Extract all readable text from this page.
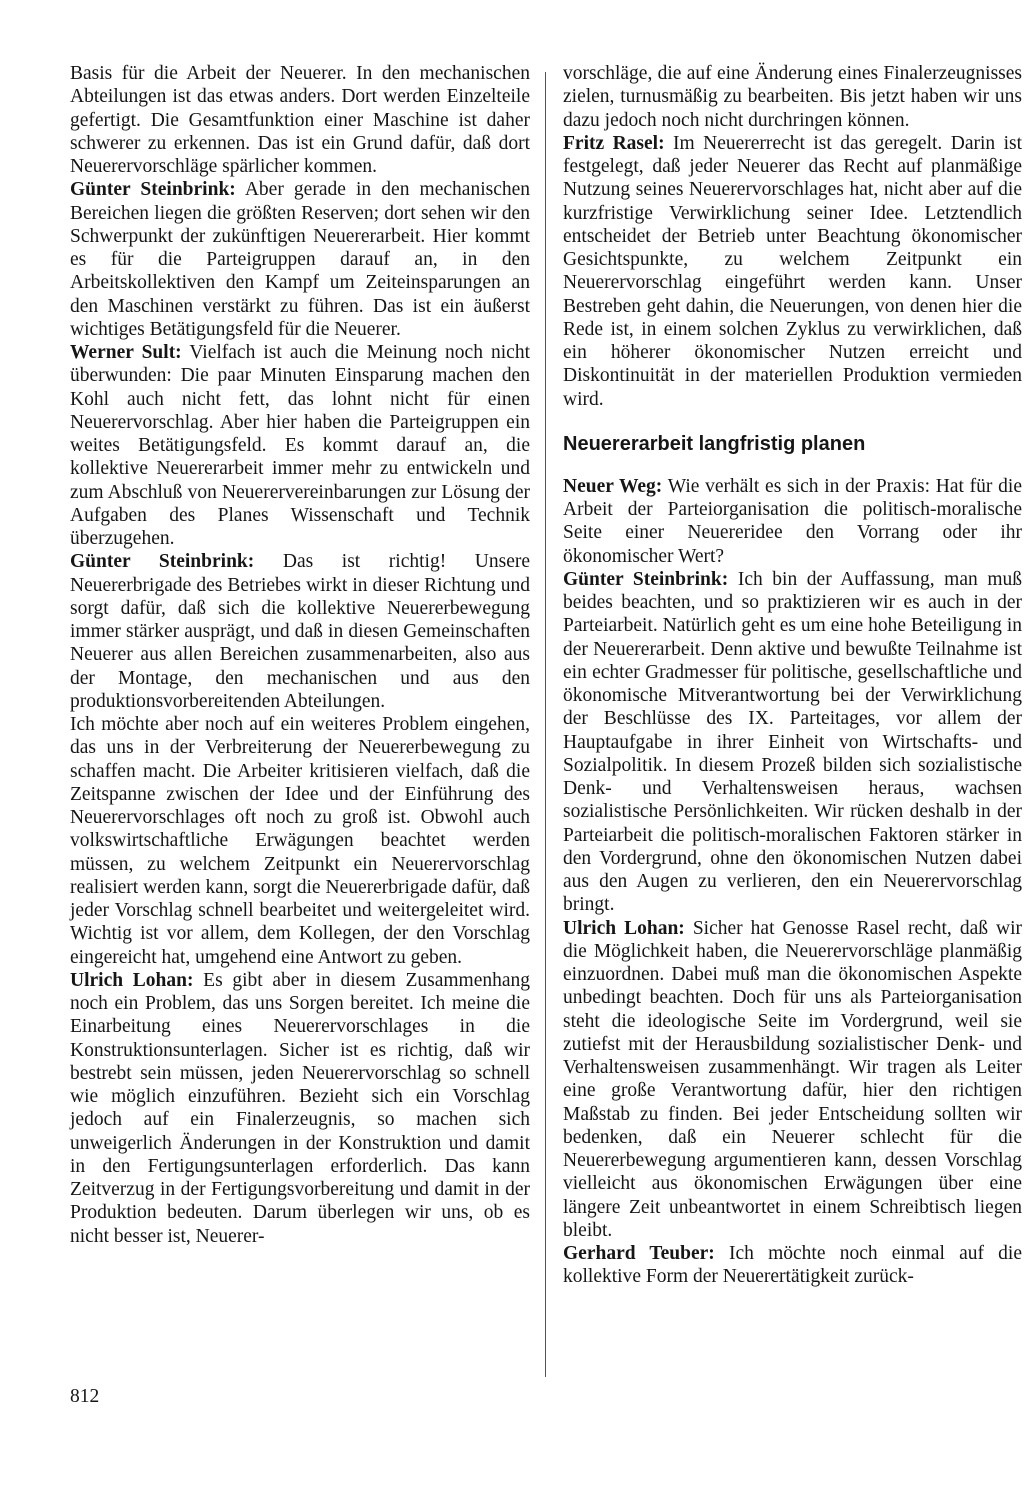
Basis für die Arbeit der Neuerer. In den mechanischen Abteilungen ist das etwas anders. Dort werden Einzelteile gefertigt. Die Gesamtfunktion einer Maschine ist daher schwerer zu erkennen. Das ist ein Grund dafür, daß dort Neuerervorschläge spärlicher kommen.

Günter Steinbrink: Aber gerade in den mechanischen Bereichen liegen die größten Reserven; dort sehen wir den Schwerpunkt der zukünftigen Neuererarbeit. Hier kommt es für die Parteigruppen darauf an, in den Arbeitskollektiven den Kampf um Zeiteinsparungen an den Maschinen verstärkt zu führen. Das ist ein äußerst wichtiges Betätigungsfeld für die Neuerer.

Werner Sult: Vielfach ist auch die Meinung noch nicht überwunden: Die paar Minuten Einsparung machen den Kohl auch nicht fett, das lohnt nicht für einen Neuerervorschlag. Aber hier haben die Parteigruppen ein weites Betätigungsfeld. Es kommt darauf an, die kollektive Neuererarbeit immer mehr zu entwickeln und zum Abschluß von Neuerervereinbarungen zur Lösung der Aufgaben des Planes Wissenschaft und Technik überzugehen.

Günter Steinbrink: Das ist richtig! Unsere Neuererbrigade des Betriebes wirkt in dieser Richtung und sorgt dafür, daß sich die kollektive Neuererbewegung immer stärker ausprägt, und daß in diesen Gemeinschaften Neuerer aus allen Bereichen zusammenarbeiten, also aus der Montage, den mechanischen und aus den produktionsvorbereitenden Abteilungen.

Ich möchte aber noch auf ein weiteres Problem eingehen, das uns in der Verbreiterung der Neuererbewegung zu schaffen macht. Die Arbeiter kritisieren vielfach, daß die Zeitspanne zwischen der Idee und der Einführung des Neuerervorschlages oft noch zu groß ist. Obwohl auch volkswirtschaftliche Erwägungen beachtet werden müssen, zu welchem Zeitpunkt ein Neuerervorschlag realisiert werden kann, sorgt die Neuererbrigade dafür, daß jeder Vorschlag schnell bearbeitet und weitergeleitet wird. Wichtig ist vor allem, dem Kollegen, der den Vorschlag eingereicht hat, umgehend eine Antwort zu geben.

Ulrich Lohan: Es gibt aber in diesem Zusammenhang noch ein Problem, das uns Sorgen bereitet. Ich meine die Einarbeitung eines Neuerervorschlages in die Konstruktionsunterlagen. Sicher ist es richtig, daß wir bestrebt sein müssen, jeden Neuerervorschlag so schnell wie möglich einzuführen. Bezieht sich ein Vorschlag jedoch auf ein Finalerzeugnis, so machen sich unweigerlich Änderungen in der Konstruktion und damit in den Fertigungsunterlagen erforderlich. Das kann Zeitverzug in der Fertigungsvorbereitung und damit in der Produktion bedeuten. Darum überlegen wir uns, ob es nicht besser ist, Neuerer-

vorschläge, die auf eine Änderung eines Finalerzeugnisses zielen, turnusmäßig zu bearbeiten. Bis jetzt haben wir uns dazu jedoch noch nicht durchringen können.

Fritz Rasel: Im Neuererrecht ist das geregelt. Darin ist festgelegt, daß jeder Neuerer das Recht auf planmäßige Nutzung seines Neuerervorschlages hat, nicht aber auf die kurzfristige Verwirklichung seiner Idee. Letztendlich entscheidet der Betrieb unter Beachtung ökonomischer Gesichtspunkte, zu welchem Zeitpunkt ein Neuerervorschlag eingeführt werden kann. Unser Bestreben geht dahin, die Neuerungen, von denen hier die Rede ist, in einem solchen Zyklus zu verwirklichen, daß ein höherer ökonomischer Nutzen erreicht und Diskontinuität in der materiellen Produktion vermieden wird.

Neuererarbeit langfristig planen

Neuer Weg: Wie verhält es sich in der Praxis: Hat für die Arbeit der Parteiorganisation die politisch-moralische Seite einer Neuereridee den Vorrang oder ihr ökonomischer Wert?

Günter Steinbrink: Ich bin der Auffassung, man muß beides beachten, und so praktizieren wir es auch in der Parteiarbeit. Natürlich geht es um eine hohe Beteiligung in der Neuererarbeit. Denn aktive und bewußte Teilnahme ist ein echter Gradmesser für politische, gesellschaftliche und ökonomische Mitverantwortung bei der Verwirklichung der Beschlüsse des IX. Parteitages, vor allem der Hauptaufgabe in ihrer Einheit von Wirtschafts- und Sozialpolitik. In diesem Prozeß bilden sich sozialistische Denk- und Verhaltensweisen heraus, wachsen sozialistische Persönlichkeiten. Wir rücken deshalb in der Parteiarbeit die politisch-moralischen Faktoren stärker in den Vordergrund, ohne den ökonomischen Nutzen dabei aus den Augen zu verlieren, den ein Neuerervorschlag bringt.

Ulrich Lohan: Sicher hat Genosse Rasel recht, daß wir die Möglichkeit haben, die Neuerervorschläge planmäßig einzuordnen. Dabei muß man die ökonomischen Aspekte unbedingt beachten. Doch für uns als Parteiorganisation steht die ideologische Seite im Vordergrund, weil sie zutiefst mit der Herausbildung sozialistischer Denk- und Verhaltensweisen zusammenhängt. Wir tragen als Leiter eine große Verantwortung dafür, hier den richtigen Maßstab zu finden. Bei jeder Entscheidung sollten wir bedenken, daß ein Neuerer schlecht für die Neuererbewegung argumentieren kann, dessen Vorschlag vielleicht aus ökonomischen Erwägungen über eine längere Zeit unbeantwortet in einem Schreibtisch liegen bleibt.

Gerhard Teuber: Ich möchte noch einmal auf die kollektive Form der Neuerertätigkeit zurück-

812
